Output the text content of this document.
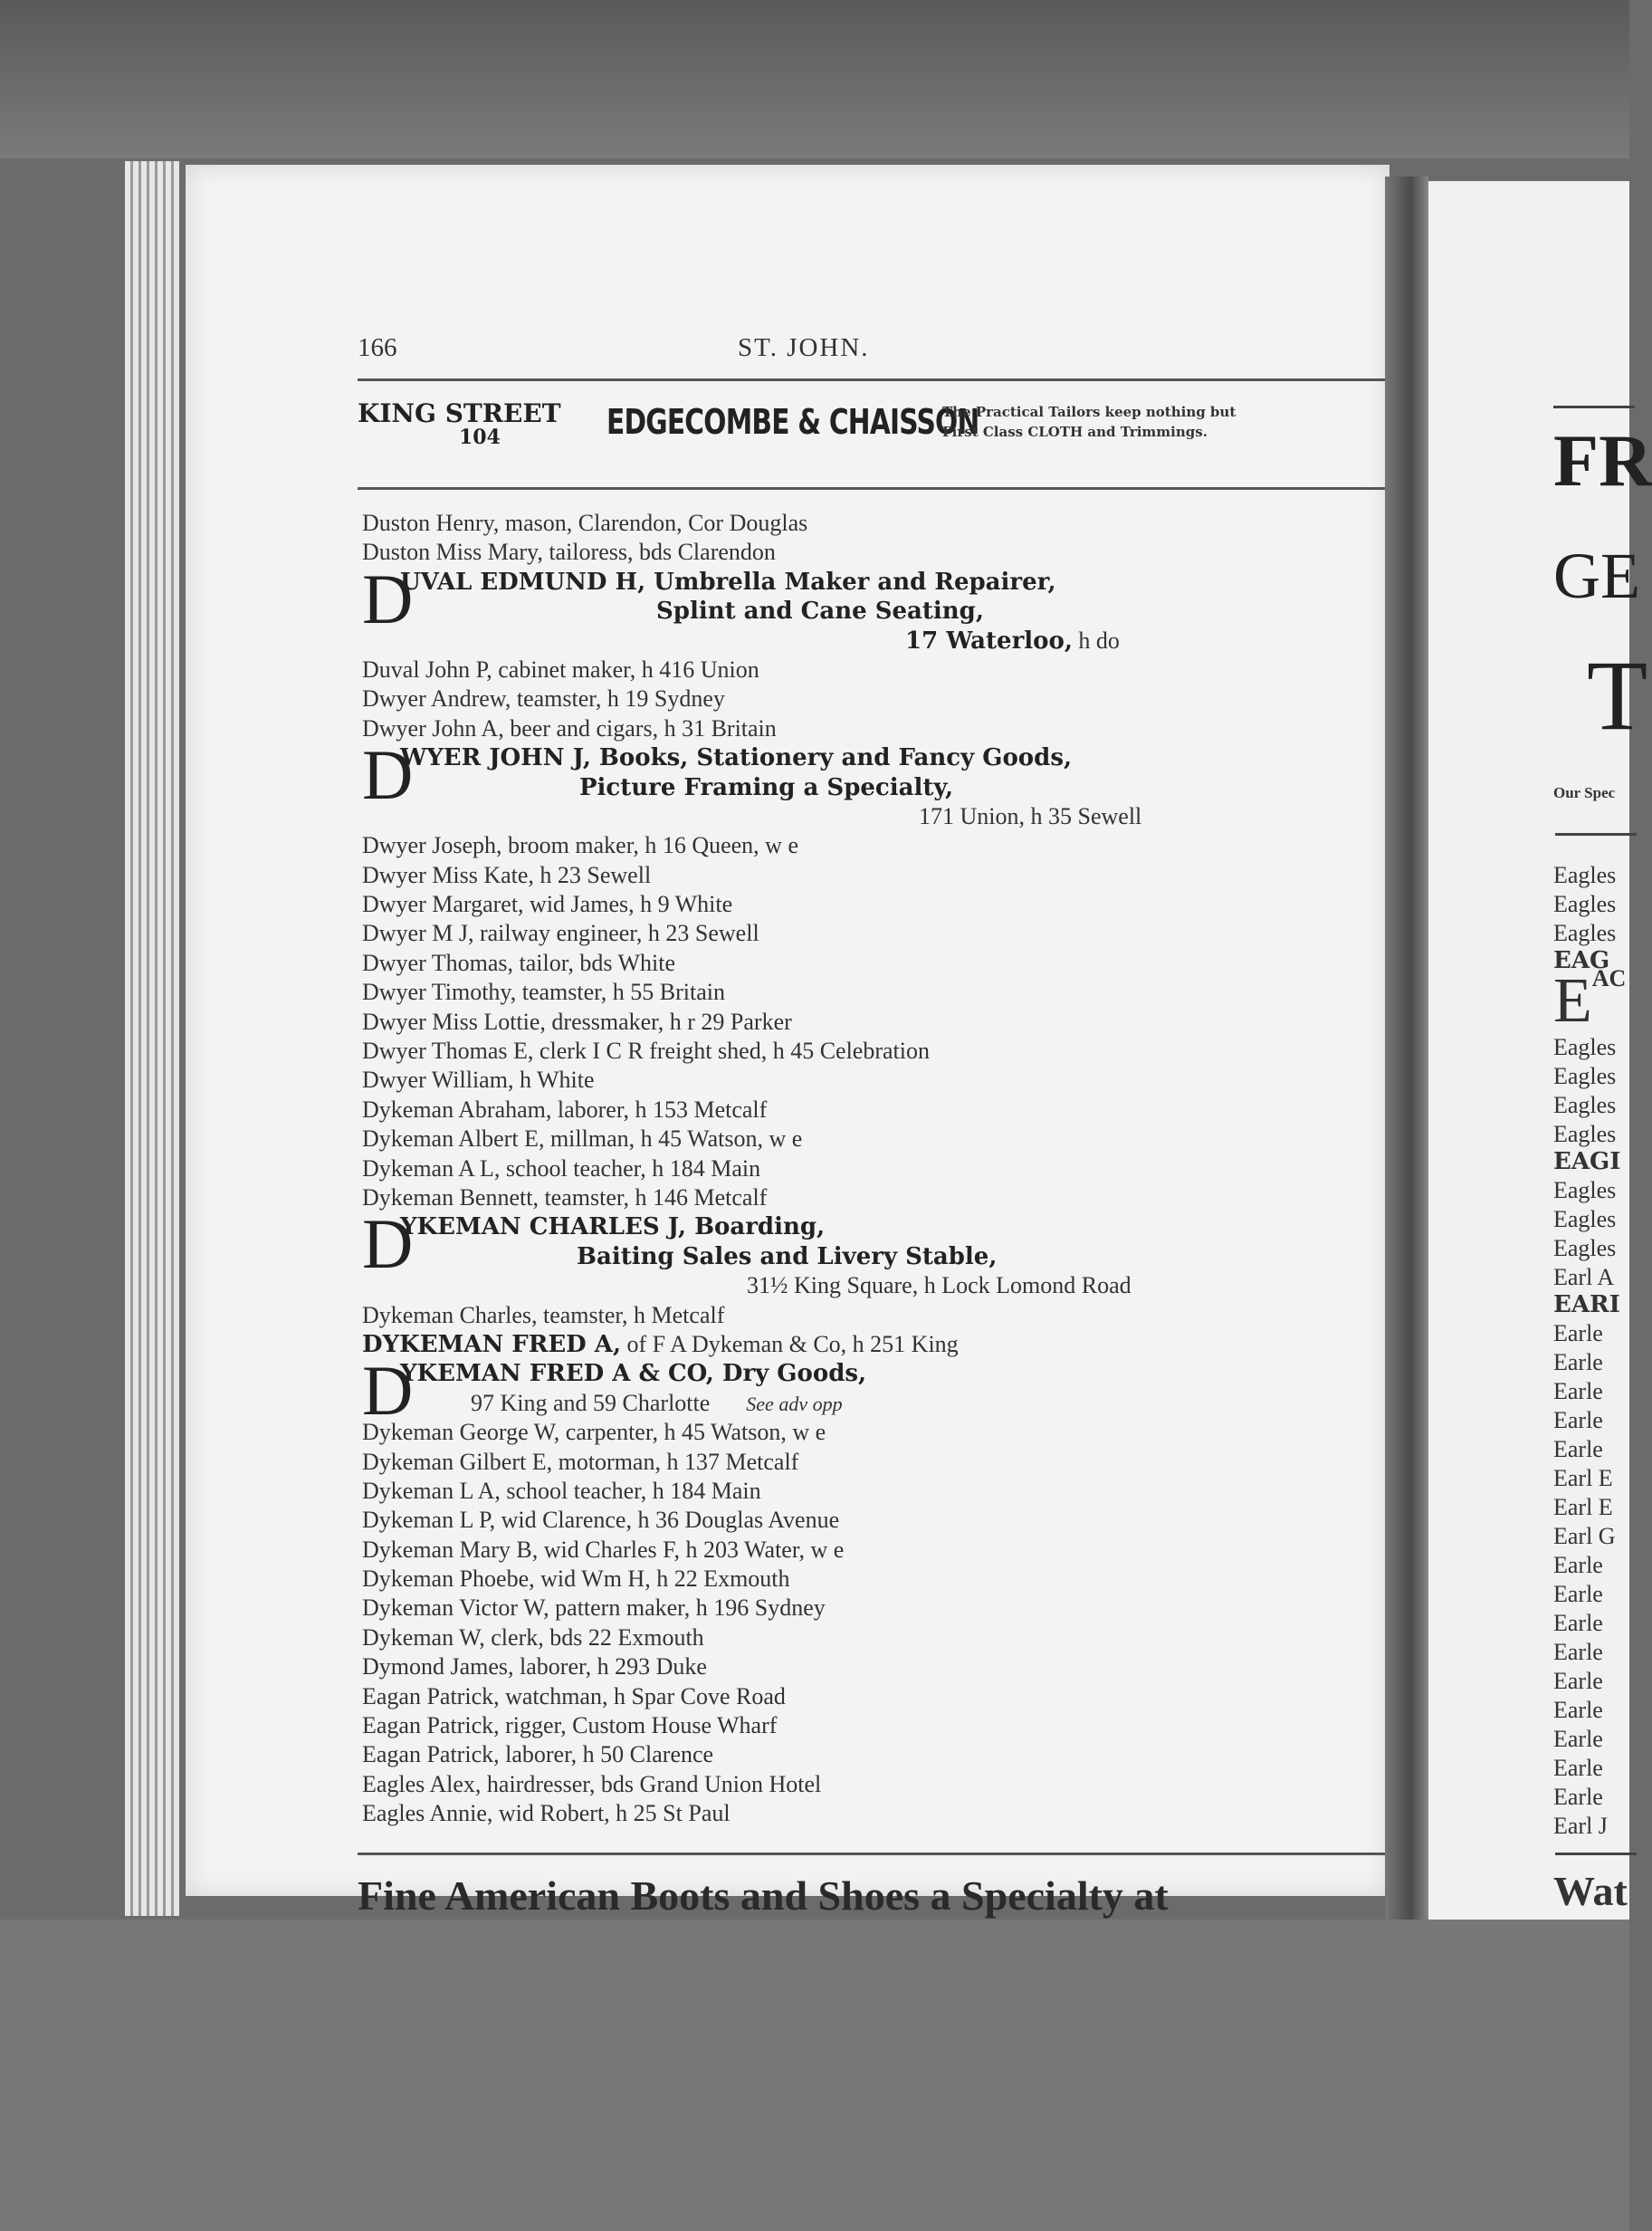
166	ST. JOHN.
KING STREET
104	EDGECOMBE & CHAISSON
The Practical Tailors keep nothing but
First Class CLOTH and Trimmings.
Duston Henry, mason, Clarendon, Cor Douglas
Duston Miss Mary, tailoress, bds Clarendon
D
UVAL EDMUND H, Umbrella Maker and Repairer,
Splint and Cane Seating,
17 Waterloo, h do
Duval John P, cabinet maker, h 416 Union
Dwyer Andrew, teamster, h 19 Sydney
Dwyer John A, beer and cigars, h 31 Britain
D
WYER JOHN J, Books, Stationery and Fancy Goods,
Picture Framing a Specialty,
171 Union, h 35 Sewell
Dwyer Joseph, broom maker, h 16 Queen, w e
Dwyer Miss Kate, h 23 Sewell
Dwyer Margaret, wid James, h 9 White
Dwyer M J, railway engineer, h 23 Sewell
Dwyer Thomas, tailor, bds White
Dwyer Timothy, teamster, h 55 Britain
Dwyer Miss Lottie, dressmaker, h r 29 Parker
Dwyer Thomas E, clerk I C R freight shed, h 45 Celebration
Dwyer William, h White
Dykeman Abraham, laborer, h 153 Metcalf
Dykeman Albert E, millman, h 45 Watson, w e
Dykeman A L, school teacher, h 184 Main
Dykeman Bennett, teamster, h 146 Metcalf
D
YKEMAN CHARLES J, Boarding,
Baiting Sales and Livery Stable,
31½ King Square, h Lock Lomond Road
Dykeman Charles, teamster, h Metcalf
DYKEMAN FRED A, of F A Dykeman & Co, h 251 King
D
YKEMAN FRED A & CO, Dry Goods,
97 King and 59 Charlotte See adv opp
Dykeman George W, carpenter, h 45 Watson, w e
Dykeman Gilbert E, motorman, h 137 Metcalf
Dykeman L A, school teacher, h 184 Main
Dykeman L P, wid Clarence, h 36 Douglas Avenue
Dykeman Mary B, wid Charles F, h 203 Water, w e
Dykeman Phoebe, wid Wm H, h 22 Exmouth
Dykeman Victor W, pattern maker, h 196 Sydney
Dykeman W, clerk, bds 22 Exmouth
Dymond James, laborer, h 293 Duke
Eagan Patrick, watchman, h Spar Cove Road
Eagan Patrick, rigger, Custom House Wharf
Eagan Patrick, laborer, h 50 Clarence
Eagles Alex, hairdresser, bds Grand Union Hotel
Eagles Annie, wid Robert, h 25 St Paul
Fine American Boots and Shoes a Specialty at
FR
GE
T
Our Spec
Eagles
Eagles
Eagles
EAG
$E^{AC}$
Eagles
Eagles
Eagles
Eagles
EAGI
Eagles
Eagles
Eagles
Earl A
EARI
Earle
Earle
Earle
Earle
Earle
Earl E
Earl E
Earl G
Earle
Earle
Earle
Earle
Earle
Earle
Earle
Earle
Earle
Earl J
Wat
